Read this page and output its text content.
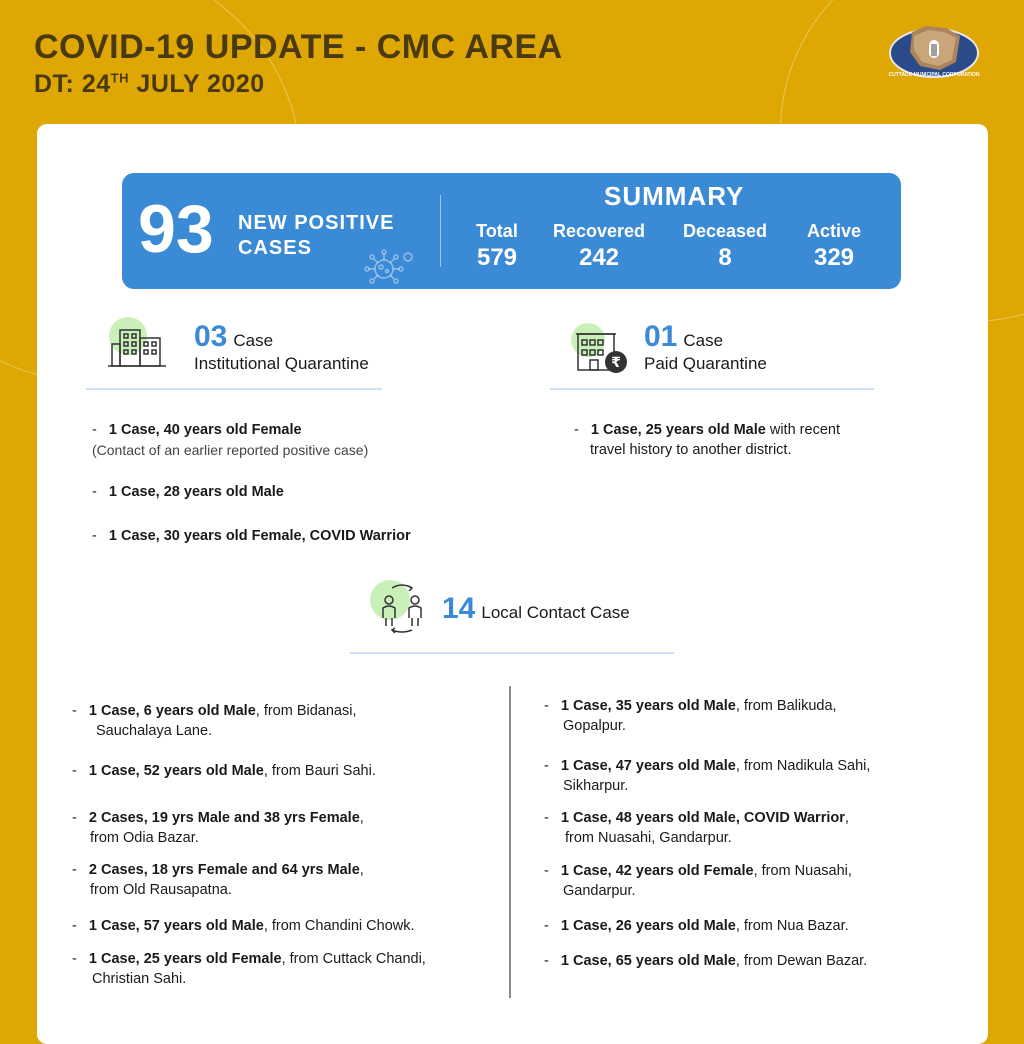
COVID-19 UPDATE - CMC AREA
DT: 24TH JULY 2020	CUTTACK MUNICIPAL CORPORATION
93 NEW POSITIVE
CASES
SUMMARY
Total
579
Recovered
242
Deceased
8
Active
329
03 Case
Institutional Quarantine
-   1 Case, 40 years old Female
(Contact of an earlier reported positive case)
-   1 Case, 28 years old Male
-   1 Case, 30 years old Female, COVID Warrior
₹
01 Case
Paid Quarantine
-   1 Case, 25 years old Male with recent
travel history to another district.
14 Local Contact Case
-   1 Case, 6 years old Male, from Bidanasi,
Sauchalaya Lane.
-   1 Case, 52 years old Male, from Bauri Sahi.
-   2 Cases, 19 yrs Male and 38 yrs Female,
from Odia Bazar.
-   2 Cases, 18 yrs Female and 64 yrs Male,
from Old Rausapatna.
-   1 Case, 57 years old Male, from Chandini Chowk.
-   1 Case, 25 years old Female, from Cuttack Chandi,
Christian Sahi.
-   1 Case, 35 years old Male, from Balikuda,
Gopalpur.
-   1 Case, 47 years old Male, from Nadikula Sahi,
Sikharpur.
-   1 Case, 48 years old Male, COVID Warrior,
from Nuasahi, Gandarpur.
-   1 Case, 42 years old Female, from Nuasahi,
Gandarpur.
-   1 Case, 26 years old Male, from Nua Bazar.
-   1 Case, 65 years old Male, from Dewan Bazar.
